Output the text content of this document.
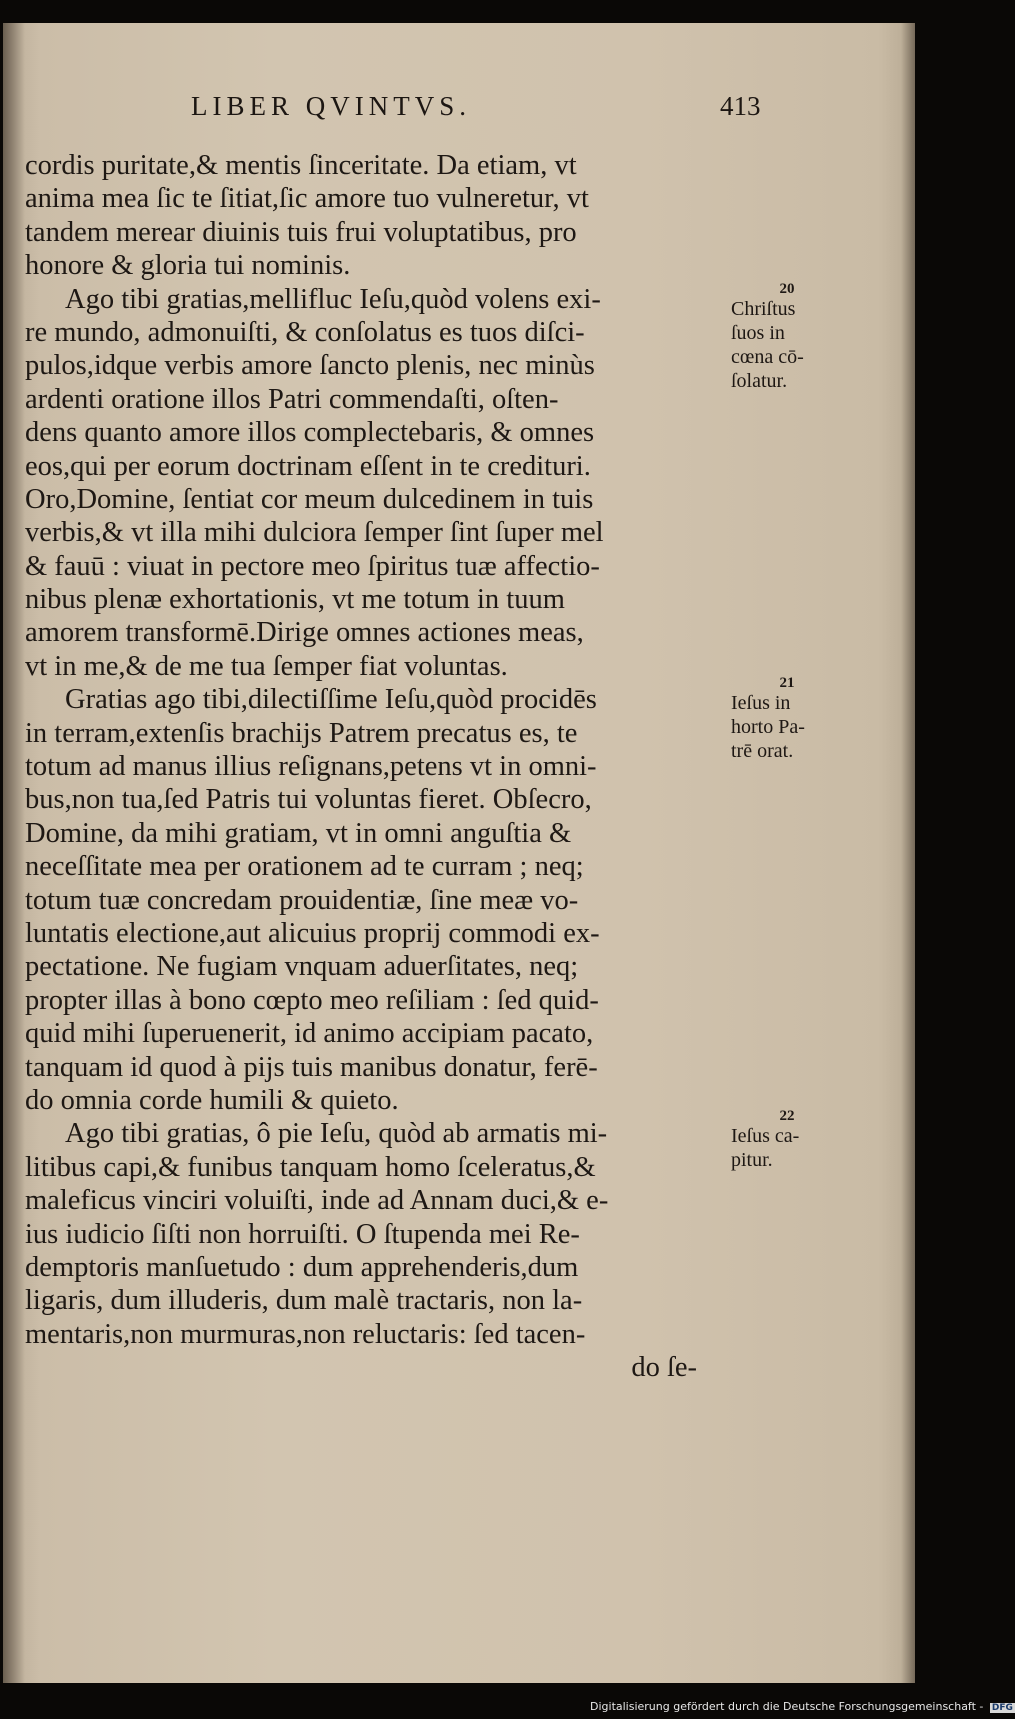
LIBER QVINTVS.	413
cordis puritate,& mentis ſinceritate. Da etiam, vt
anima mea ſic te ſitiat,ſic amore tuo vulneretur, vt
tandem merear diuinis tuis frui voluptatibus, pro
honore & gloria tui nominis.
Ago tibi gratias,mellifluc Ieſu,quòd volens exi-
re mundo, admonuiſti, & conſolatus es tuos diſci-
pulos,idque verbis amore ſancto plenis, nec minùs
ardenti oratione illos Patri commendaſti, oſten-
dens quanto amore illos complectebaris, & omnes
eos,qui per eorum doctrinam eſſent in te credituri.
Oro,Domine, ſentiat cor meum dulcedinem in tuis
verbis,& vt illa mihi dulciora ſemper ſint ſuper mel
& fauū : viuat in pectore meo ſpiritus tuæ affectio-
nibus plenæ exhortationis, vt me totum in tuum
amorem transformē.Dirige omnes actiones meas,
vt in me,& de me tua ſemper fiat voluntas.
Gratias ago tibi,dilectiſſime Ieſu,quòd procidēs
in terram,extenſis brachijs Patrem precatus es, te
totum ad manus illius reſignans,petens vt in omni-
bus,non tua,ſed Patris tui voluntas fieret. Obſecro,
Domine, da mihi gratiam, vt in omni anguſtia &
neceſſitate mea per orationem ad te curram ; neq;
totum tuæ concredam prouidentiæ, ſine meæ vo-
luntatis electione,aut alicuius proprij commodi ex-
pectatione. Ne fugiam vnquam aduerſitates, neq;
propter illas à bono cœpto meo reſiliam : ſed quid-
quid mihi ſuperuenerit, id animo accipiam pacato,
tanquam id quod à pijs tuis manibus donatur, ferē-
do omnia corde humili & quieto.
Ago tibi gratias, ô pie Ieſu, quòd ab armatis mi-
litibus capi,& funibus tanquam homo ſceleratus,&
maleficus vinciri voluiſti, inde ad Annam duci,& e-
ius iudicio ſiſti non horruiſti. O ſtupenda mei Re-
demptoris manſuetudo : dum apprehenderis,dum
ligaris, dum illuderis, dum malè tractaris, non la-
mentaris,non murmuras,non reluctaris: ſed tacen-
do ſe-
20
Chriſtus
ſuos in
cœna cō-
ſolatur.
21
Ieſus in
horto Pa-
trē orat.
22
Ieſus ca-
pitur.
Digitalisierung gefördert durch die Deutsche Forschungsgemeinschaft - DFG
